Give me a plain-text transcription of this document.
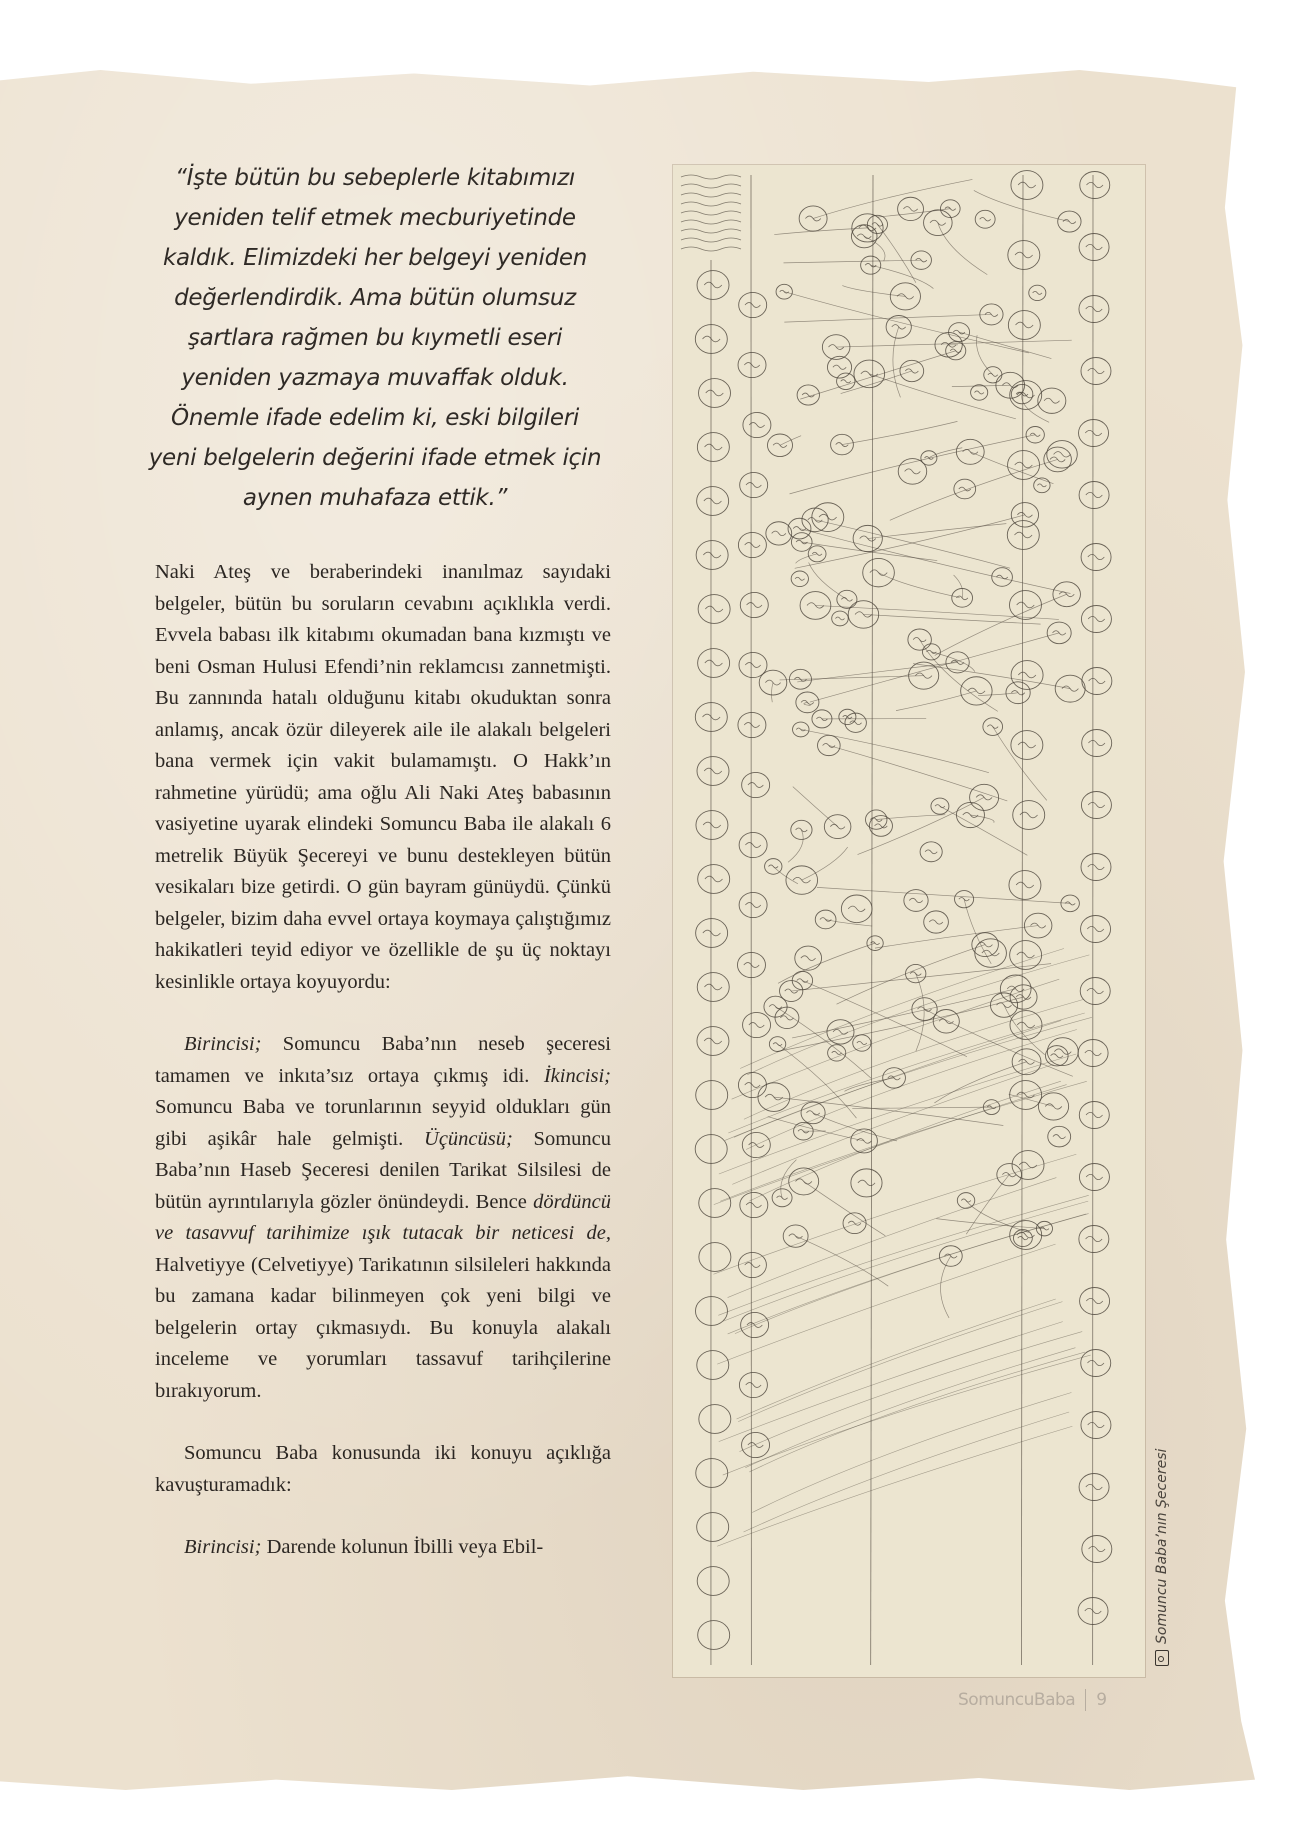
“İşte bütün bu sebeplerle kitabımızı

yeniden telif etmek mecburiyetinde

kaldık. Elimizdeki her belgeyi yeniden

değerlendirdik. Ama bütün olumsuz

şartlara rağmen bu kıymetli eseri

yeniden yazmaya muvaffak olduk.

Önemle ifade edelim ki, eski bilgileri

yeni belgelerin değerini ifade etmek için

aynen muhafaza ettik.”

Naki Ateş ve beraberindeki inanılmaz sayıdaki belgeler, bütün bu soruların cevabını açıklıkla verdi. Evvela babası ilk kitabımı okumadan bana kızmıştı ve beni Osman Hulusi Efendi’nin reklamcısı zannetmişti. Bu zannında hatalı olduğunu kitabı okuduktan sonra anlamış, ancak özür dileyerek aile ile alakalı belgeleri bana vermek için vakit bulamamıştı. O Hakk’ın rahmetine yürüdü; ama oğlu Ali Naki Ateş babasının vasiyetine uyarak elindeki Somuncu Baba ile alakalı 6 metrelik Büyük Şecereyi ve bunu destekleyen bütün vesikaları bize getirdi. O gün bayram günüydü. Çünkü belgeler, bizim daha evvel ortaya koymaya çalıştığımız hakikatleri teyid ediyor ve özellikle de şu üç noktayı kesinlikle ortaya koyuyordu:

Birincisi; Somuncu Baba’nın neseb şeceresi tamamen ve inkıta’sız ortaya çıkmış idi. İkincisi; Somuncu Baba ve torunlarının seyyid oldukları gün gibi aşikâr hale gelmişti. Üçüncüsü; Somuncu Baba’nın Haseb Şeceresi denilen Tarikat Silsilesi de bütün ayrıntılarıyla gözler önündeydi. Bence dördüncü ve tasavvuf tarihimize ışık tutacak bir neticesi de, Halvetiyye (Celvetiyye) Tarikatının silsileleri hakkında bu zamana kadar bilinmeyen çok yeni bilgi ve belgelerin ortay çıkmasıydı. Bu konuyla alakalı inceleme ve yorumları tassavuf tarihçilerine bırakıyorum.

Somuncu Baba konusunda iki konuyu açıklığa kavuşturamadık:

Birincisi; Darende kolunun İbilli veya Ebil-	Somuncu Baba’nın Şeceresi
SomuncuBaba 9
